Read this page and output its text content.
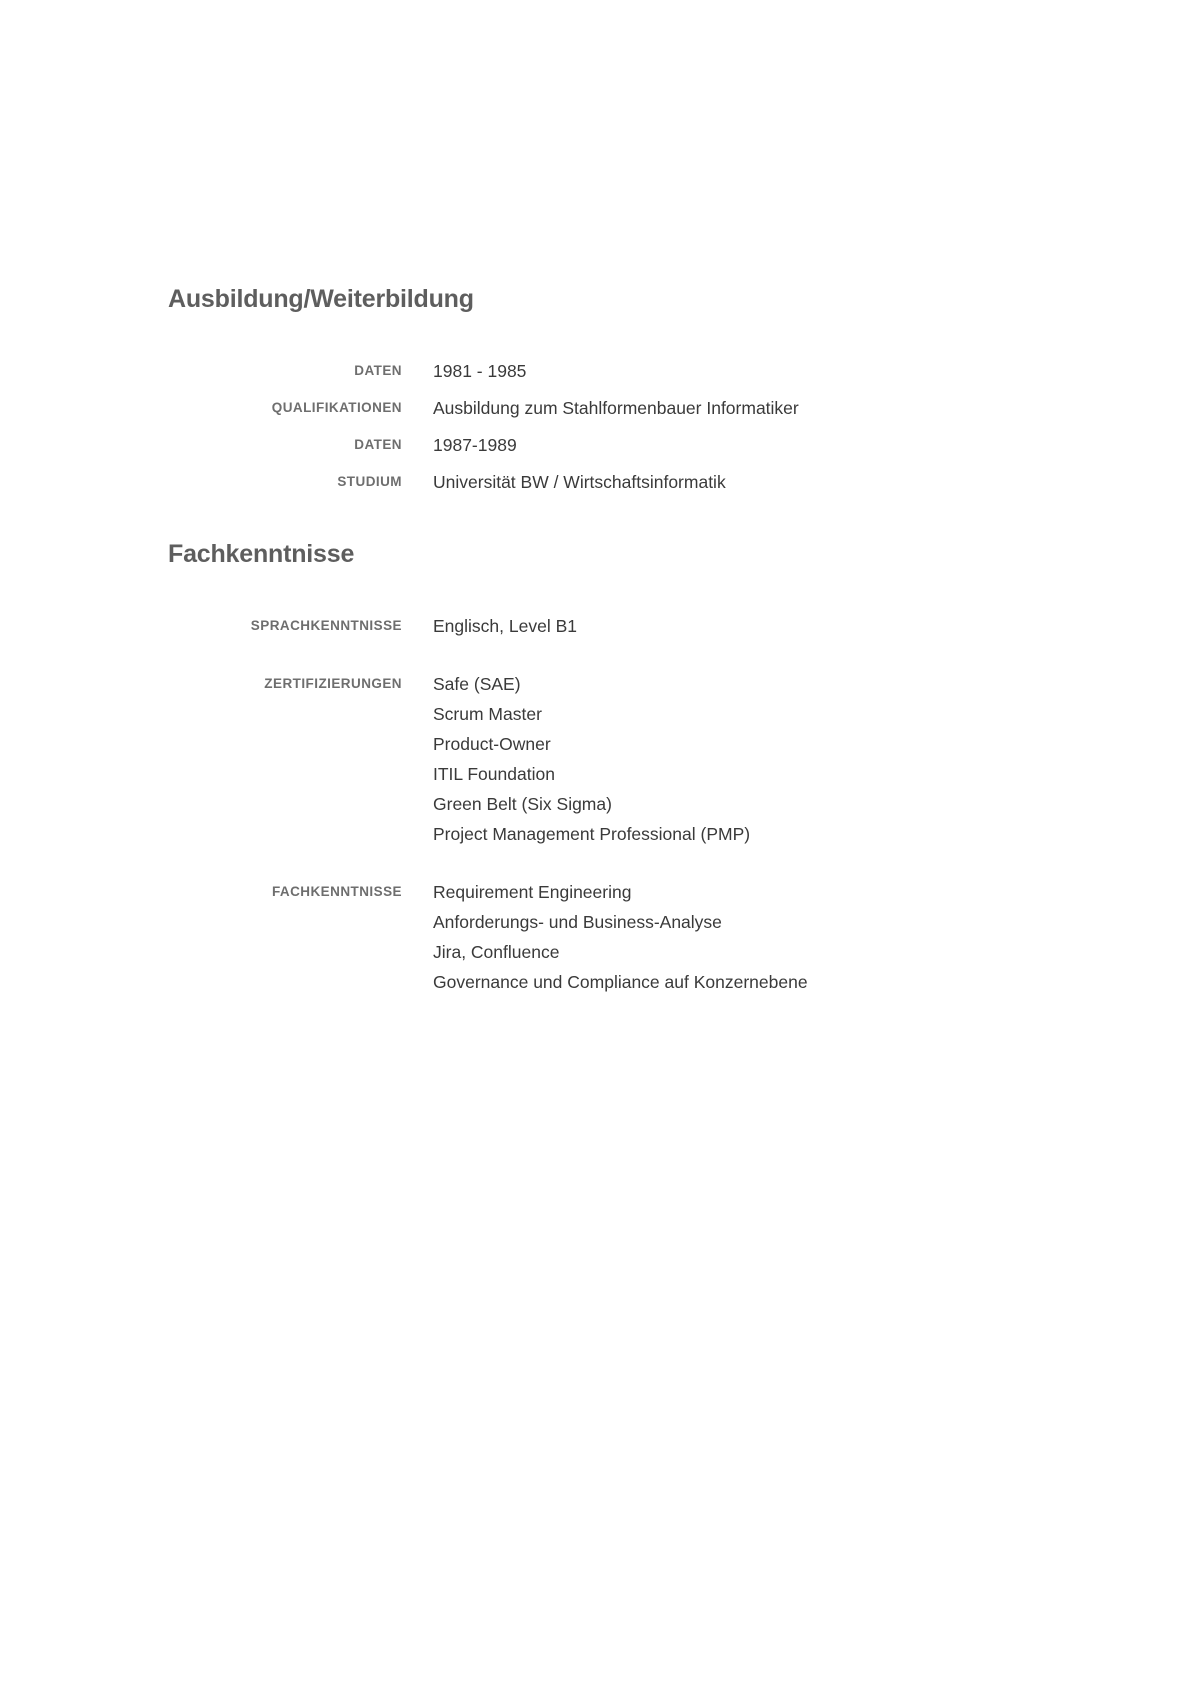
Ausbildung/Weiterbildung
DATEN	1981 - 1985
QUALIFIKATIONEN	Ausbildung zum Stahlformenbauer Informatiker
DATEN	1987-1989
STUDIUM	Universität BW / Wirtschaftsinformatik
Fachkenntnisse
SPRACHKENNTNISSE	Englisch, Level B1
ZERTIFIZIERUNGEN	Safe (SAE)
Scrum Master
Product-Owner
ITIL Foundation
Green Belt (Six Sigma)
Project Management Professional (PMP)
FACHKENNTNISSE	Requirement Engineering
Anforderungs- und Business-Analyse
Jira, Confluence
Governance und Compliance auf Konzernebene
